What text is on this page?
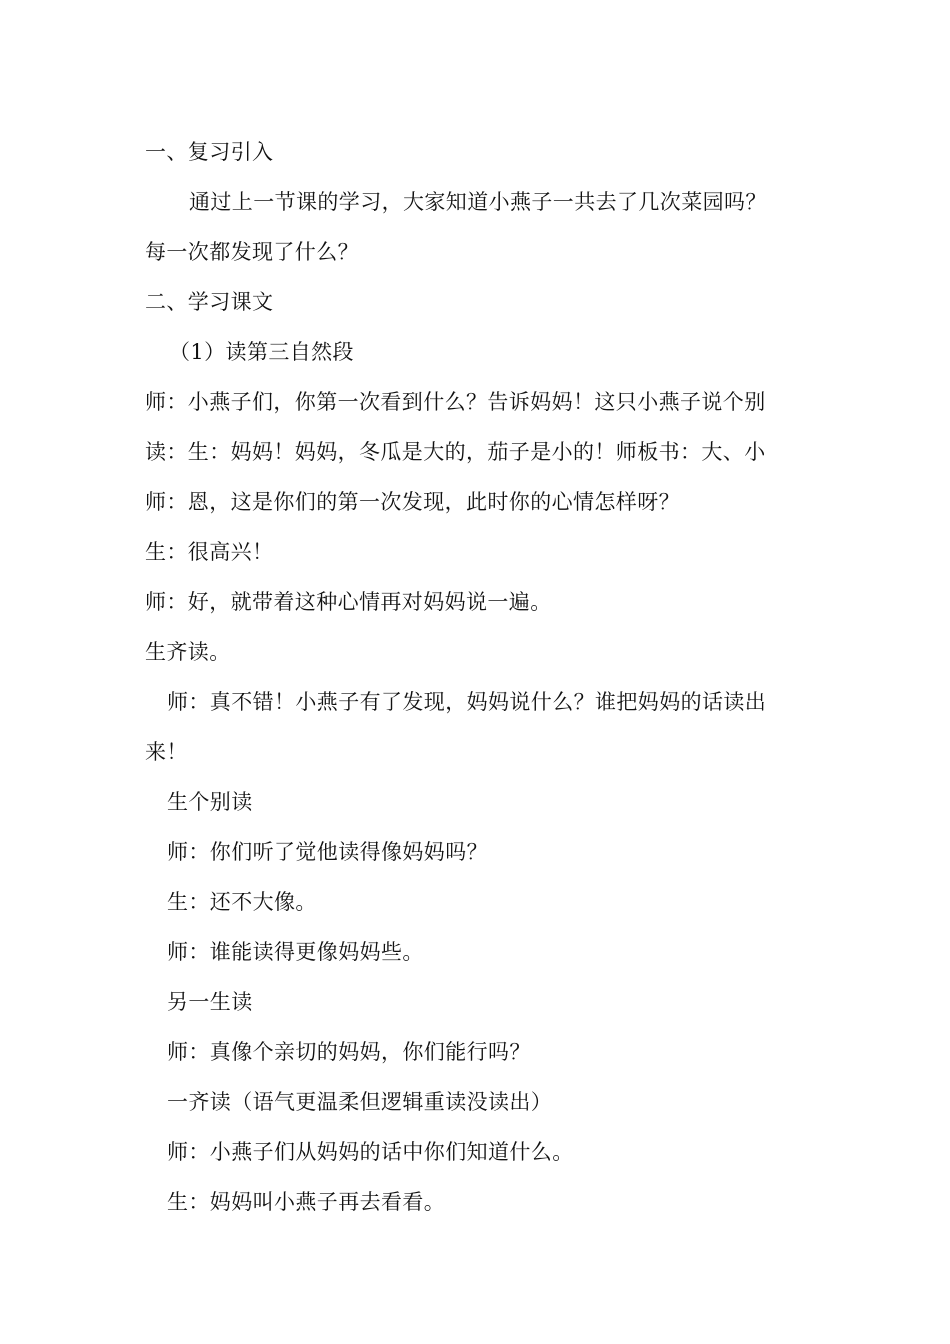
一、复习引入

通过上一节课的学习，大家知道小燕子一共去了几次菜园吗？

每一次都发现了什么？

二、学习课文

（1）读第三自然段

师：小燕子们，你第一次看到什么？告诉妈妈！这只小燕子说个别

读：生：妈妈！妈妈，冬瓜是大的，茄子是小的！师板书：大、小

师：恩，这是你们的第一次发现，此时你的心情怎样呀？

生：很高兴！

师：好，就带着这种心情再对妈妈说一遍。

生齐读。

师：真不错！小燕子有了发现，妈妈说什么？谁把妈妈的话读出

来！

生个别读

师：你们听了觉他读得像妈妈吗？

生：还不大像。

师：谁能读得更像妈妈些。

另一生读

师：真像个亲切的妈妈，你们能行吗？

一齐读（语气更温柔但逻辑重读没读出）

师：小燕子们从妈妈的话中你们知道什么。

生：妈妈叫小燕子再去看看。
